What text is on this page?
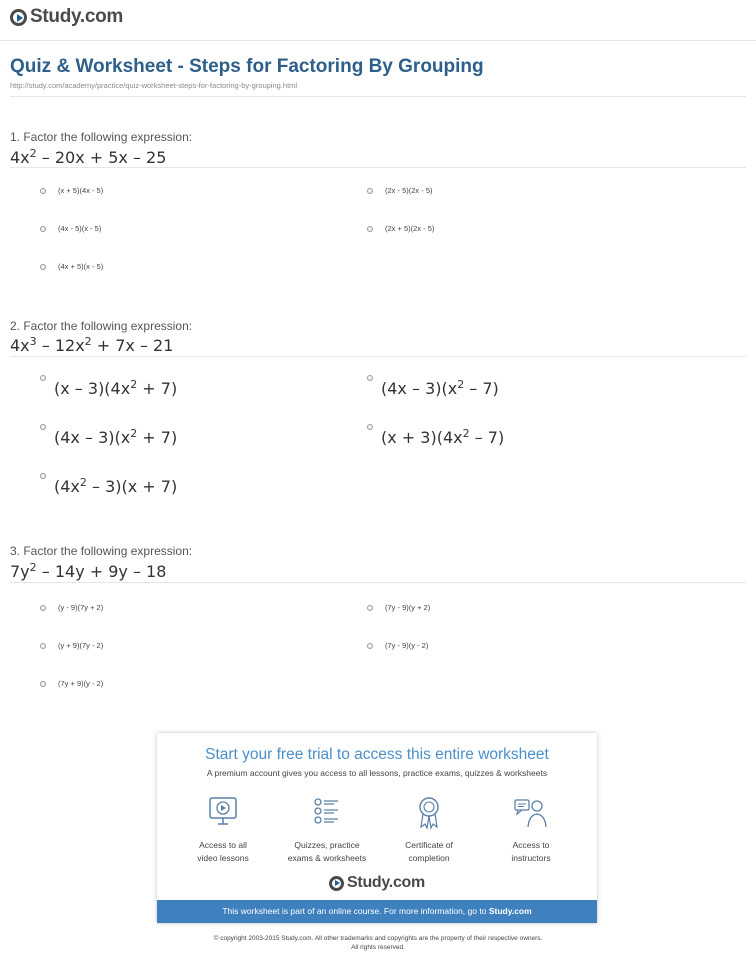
Study.com
Quiz & Worksheet - Steps for Factoring By Grouping
http://study.com/academy/practice/quiz-worksheet-steps-for-factoring-by-grouping.html
1. Factor the following expression:
$4x^2 - 20x + 5x - 25$
(x + 5)(4x - 5)	(2x - 5)(2x - 5)
(4x - 5)(x - 5)	(2x + 5)(2x - 5)
(4x + 5)(x - 5)
2. Factor the following expression:
$4x^3 - 12x^2 + 7x - 21$
$(x - 3)(4x^2 + 7)$	$(4x - 3)(x^2 - 7)$
$(4x - 3)(x^2 + 7)$	$(x + 3)(4x^2 - 7)$
$(4x^2 - 3)(x + 7)$
3. Factor the following expression:
$7y^2 - 14y + 9y - 18$
(y - 9)(7y + 2)	(7y - 9)(y + 2)
(y + 9)(7y - 2)	(7y - 9)(y - 2)
(7y + 9)(y - 2)
Start your free trial to access this entire worksheet
A premium account gives you access to all lessons, practice exams, quizzes & worksheets
Access to all
video lessons
Quizzes, practice
exams & worksheets
Certificate of
completion
Access to
instructors
Study.com
This worksheet is part of an online course. For more information, go to Study.com
© copyright 2003-2015 Study.com. All other trademarks and copyrights are the property of their respective owners.
All rights reserved.
